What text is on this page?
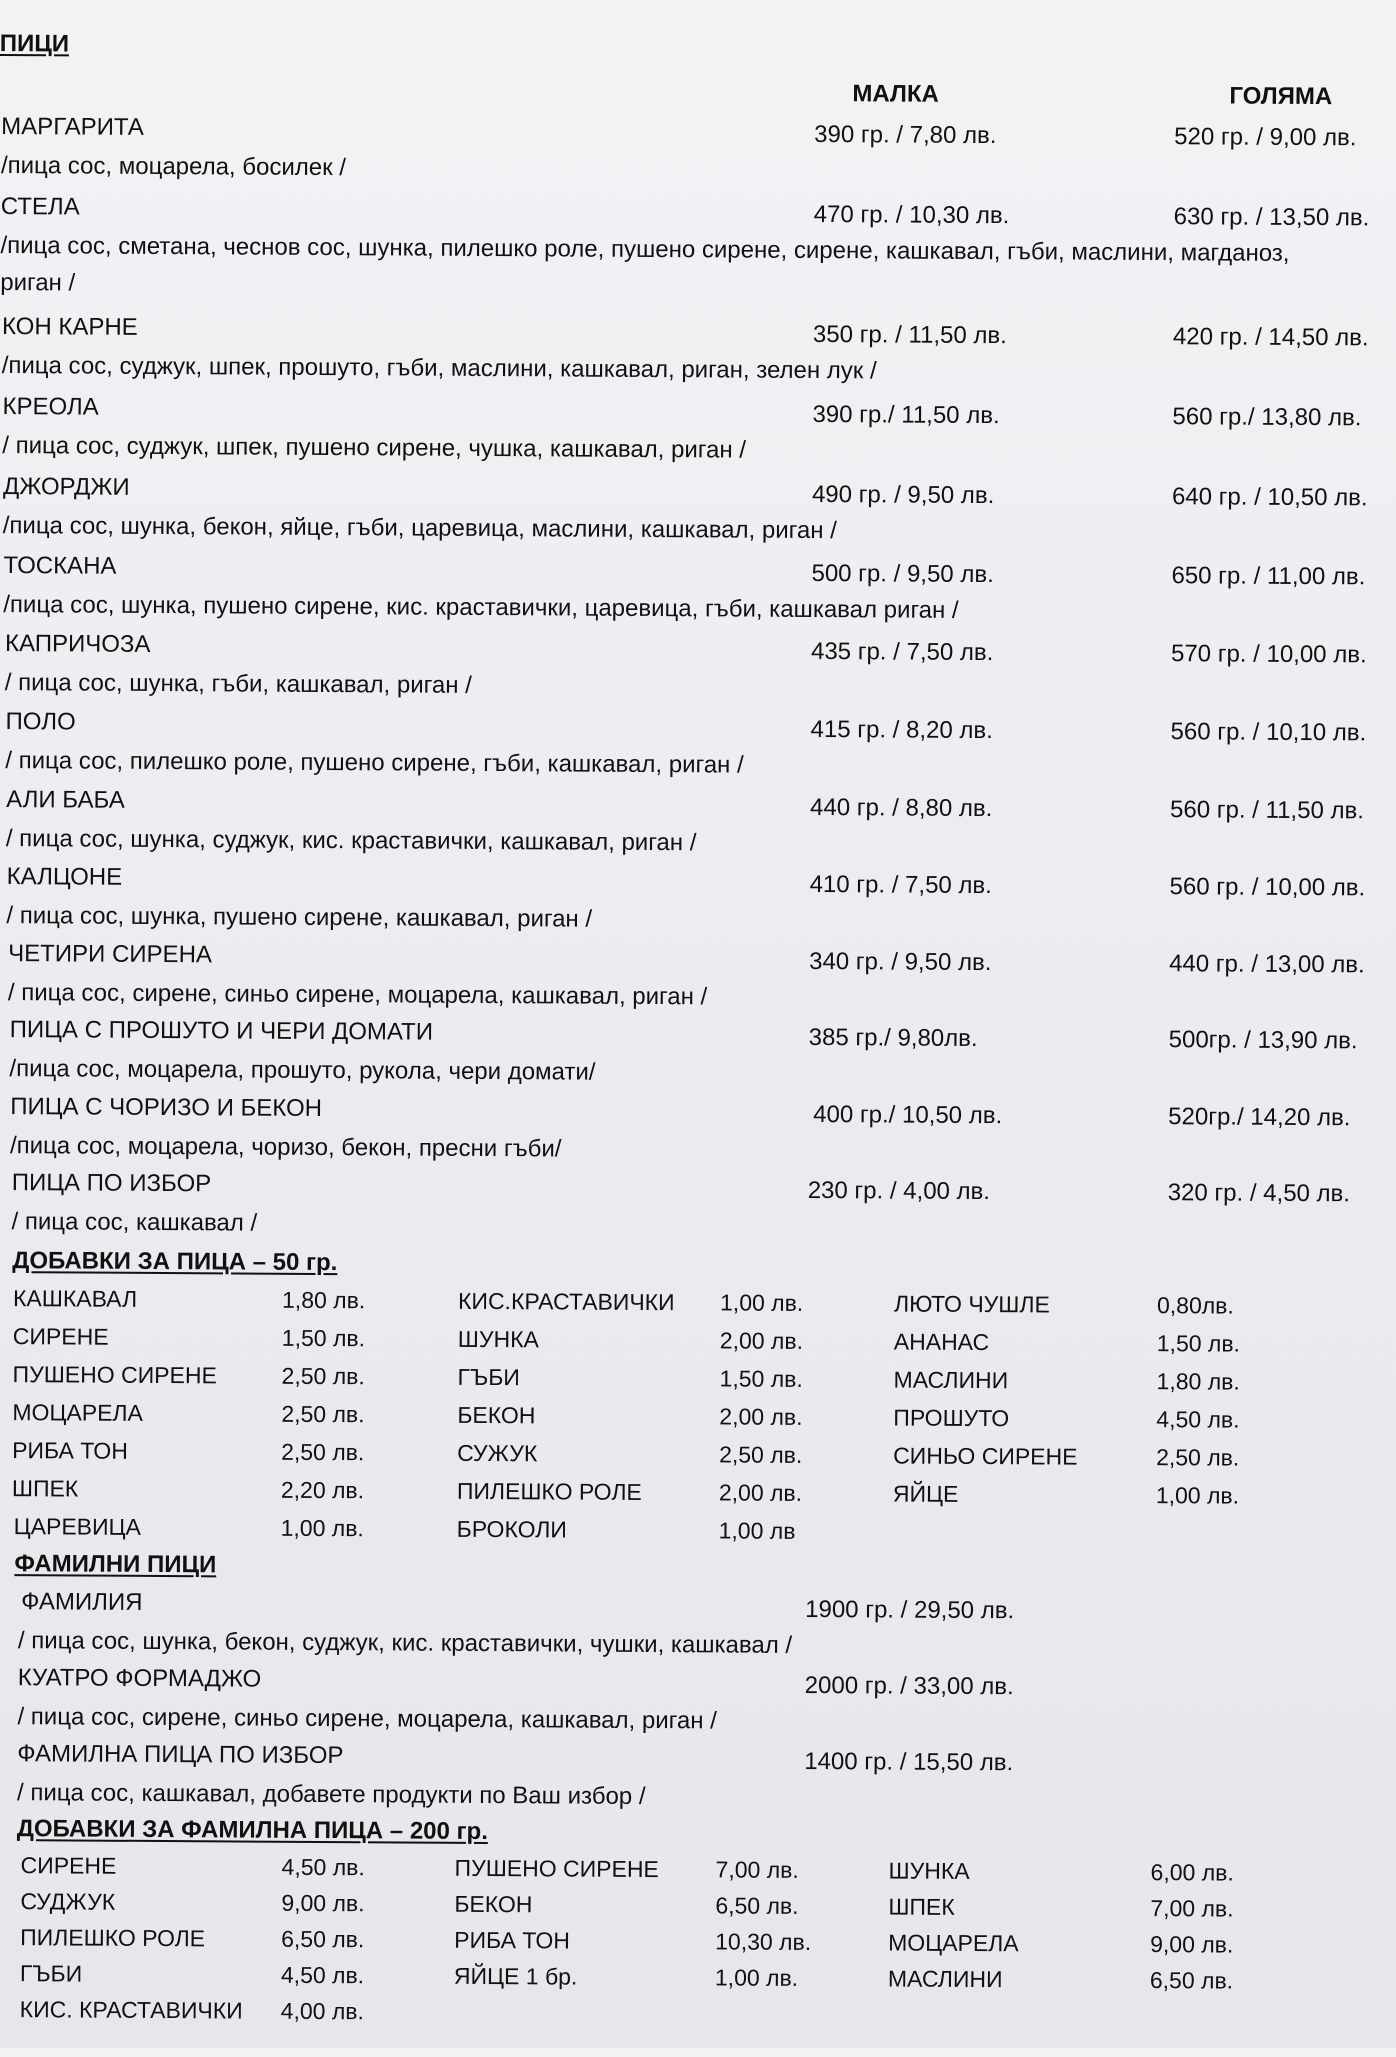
ПИЦИ
МАЛКА	ГОЛЯМА
МАРГАРИТА	390 гр. / 7,80 лв.	520 гр. / 9,00 лв.
/пица сос, моцарела, босилек /
СТЕЛА	470 гр. / 10,30 лв.	630 гр. / 13,50 лв.
/пица сос, сметана, чеснов сос, шунка, пилешко роле, пушено сирене, сирене, кашкавал, гъби, маслини, магданоз,
риган /
КОН КАРНЕ	350 гр. / 11,50 лв.	420 гр. / 14,50 лв.
/пица сос, суджук, шпек, прошуто, гъби, маслини, кашкавал, риган, зелен лук /
КРЕОЛА	390 гр./ 11,50 лв.	560 гр./ 13,80 лв.
/ пица сос, суджук, шпек, пушено сирене, чушка, кашкавал, риган /
ДЖОРДЖИ	490 гр. / 9,50 лв.	640 гр. / 10,50 лв.
/пица сос, шунка, бекон, яйце, гъби, царевица, маслини, кашкавал, риган /
ТОСКАНА	500 гр. / 9,50 лв.	650 гр. / 11,00 лв.
/пица сос, шунка, пушено сирене, кис. краставички, царевица, гъби, кашкавал риган /
КАПРИЧОЗА	435 гр. / 7,50 лв.	570 гр. / 10,00 лв.
/ пица сос, шунка, гъби, кашкавал, риган /
ПОЛО	415 гр. / 8,20 лв.	560 гр. / 10,10 лв.
/ пица сос, пилешко роле, пушено сирене, гъби, кашкавал, риган /
АЛИ БАБА	440 гр. / 8,80 лв.	560 гр. / 11,50 лв.
/ пица сос, шунка, суджук, кис. краставички, кашкавал, риган /
КАЛЦОНЕ	410 гр. / 7,50 лв.	560 гр. / 10,00 лв.
/ пица сос, шунка, пушено сирене, кашкавал, риган /
ЧЕТИРИ СИРЕНА	340 гр. / 9,50 лв.	440 гр. / 13,00 лв.
/ пица сос, сирене, синьо сирене, моцарела, кашкавал, риган /
ПИЦА С ПРОШУТО И ЧЕРИ ДОМАТИ	385 гр./ 9,80лв.	500гр. / 13,90 лв.
/пица сос, моцарела, прошуто, рукола, чери домати/
ПИЦА С ЧОРИЗО И БЕКОН	400 гр./ 10,50 лв.	520гр./ 14,20 лв.
/пица сос, моцарела, чоризо, бекон, пресни гъби/
ПИЦА ПО ИЗБОР	230 гр. / 4,00 лв.	320 гр. / 4,50 лв.
/ пица сос, кашкавал /
ДОБАВКИ ЗА ПИЦА – 50 гр.
КАШКАВАЛ	1,80 лв.	КИС.КРАСТАВИЧКИ 1,00 лв.	ЛЮТО ЧУШЛЕ	0,80лв.
СИРЕНЕ	1,50 лв.	ШУНКА	2,00 лв.	АНАНАС	1,50 лв.
ПУШЕНО СИРЕНЕ	2,50 лв.	ГЪБИ	1,50 лв.	МАСЛИНИ	1,80 лв.
МОЦАРЕЛА	2,50 лв.	БЕКОН	2,00 лв.	ПРОШУТО	4,50 лв.
РИБА ТОН	2,50 лв.	СУЖУК	2,50 лв.	СИНЬО СИРЕНЕ	2,50 лв.
ШПЕК	2,20 лв.	ПИЛЕШКО РОЛЕ	2,00 лв.	ЯЙЦЕ	1,00 лв.
ЦАРЕВИЦА	1,00 лв.	БРОКОЛИ	1,00 лв
ФАМИЛНИ ПИЦИ
ФАМИЛИЯ	1900 гр. / 29,50 лв.
/ пица сос, шунка, бекон, суджук, кис. краставички, чушки, кашкавал /
КУАТРО ФОРМАДЖО	2000 гр. / 33,00 лв.
/ пица сос, сирене, синьо сирене, моцарела, кашкавал, риган /
ФАМИЛНА ПИЦА ПО ИЗБОР	1400 гр. / 15,50 лв.
/ пица сос, кашкавал, добавете продукти по Ваш избор /
ДОБАВКИ ЗА ФАМИЛНА ПИЦА – 200 гр.
СИРЕНЕ	4,50 лв.	ПУШЕНО СИРЕНЕ 7,00 лв.	ШУНКА	6,00 лв.
СУДЖУК	9,00 лв.	БЕКОН	6,50 лв.	ШПЕК	7,00 лв.
ПИЛЕШКО РОЛЕ	6,50 лв.	РИБА ТОН	10,30 лв.	МОЦАРЕЛА	9,00 лв.
ГЪБИ	4,50 лв.	ЯЙЦЕ 1 бр.	1,00 лв.	МАСЛИНИ	6,50 лв.
КИС. КРАСТАВИЧКИ 4,00 лв.
